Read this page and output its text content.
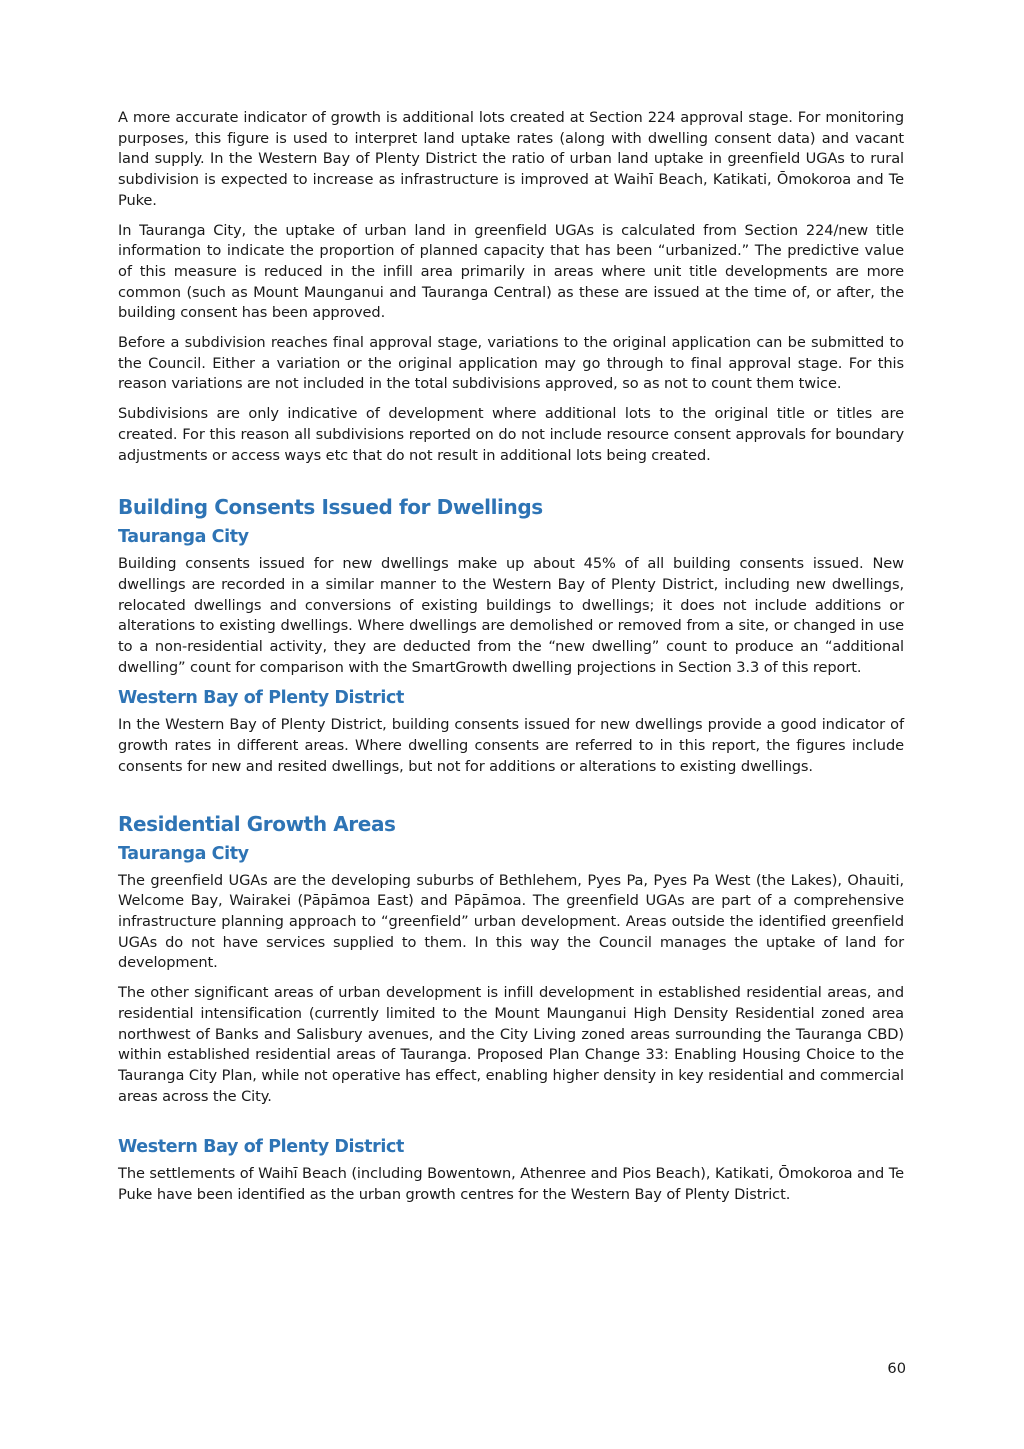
A more accurate indicator of growth is additional lots created at Section 224 approval stage. For monitoring purposes, this figure is used to interpret land uptake rates (along with dwelling consent data) and vacant land supply. In the Western Bay of Plenty District the ratio of urban land uptake in greenfield UGAs to rural subdivision is expected to increase as infrastructure is improved at Waihī Beach, Katikati, Ōmokoroa and Te Puke.

In Tauranga City, the uptake of urban land in greenfield UGAs is calculated from Section 224/new title information to indicate the proportion of planned capacity that has been “urbanized.” The predictive value of this measure is reduced in the infill area primarily in areas where unit title developments are more common (such as Mount Maunganui and Tauranga Central) as these are issued at the time of, or after, the building consent has been approved.

Before a subdivision reaches final approval stage, variations to the original application can be submitted to the Council. Either a variation or the original application may go through to final approval stage. For this reason variations are not included in the total subdivisions approved, so as not to count them twice.

Subdivisions are only indicative of development where additional lots to the original title or titles are created. For this reason all subdivisions reported on do not include resource consent approvals for boundary adjustments or access ways etc that do not result in additional lots being created.

Building Consents Issued for Dwellings
Tauranga City

Building consents issued for new dwellings make up about 45% of all building consents issued. New dwellings are recorded in a similar manner to the Western Bay of Plenty District, including new dwellings, relocated dwellings and conversions of existing buildings to dwellings; it does not include additions or alterations to existing dwellings. Where dwellings are demolished or removed from a site, or changed in use to a non-residential activity, they are deducted from the “new dwelling” count to produce an “additional dwelling” count for comparison with the SmartGrowth dwelling projections in Section 3.3 of this report.

Western Bay of Plenty District

In the Western Bay of Plenty District, building consents issued for new dwellings provide a good indicator of growth rates in different areas. Where dwelling consents are referred to in this report, the figures include consents for new and resited dwellings, but not for additions or alterations to existing dwellings.

Residential Growth Areas
Tauranga City

The greenfield UGAs are the developing suburbs of Bethlehem, Pyes Pa, Pyes Pa West (the Lakes), Ohauiti, Welcome Bay, Wairakei (Pāpāmoa East) and Pāpāmoa. The greenfield UGAs are part of a comprehensive infrastructure planning approach to “greenfield” urban development. Areas outside the identified greenfield UGAs do not have services supplied to them. In this way the Council manages the uptake of land for development.

The other significant areas of urban development is infill development in established residential areas, and residential intensification (currently limited to the Mount Maunganui High Density Residential zoned area northwest of Banks and Salisbury avenues, and the City Living zoned areas surrounding the Tauranga CBD) within established residential areas of Tauranga. Proposed Plan Change 33: Enabling Housing Choice to the Tauranga City Plan, while not operative has effect, enabling higher density in key residential and commercial areas across the City.

Western Bay of Plenty District

The settlements of Waihī Beach (including Bowentown, Athenree and Pios Beach), Katikati, Ōmokoroa and Te Puke have been identified as the urban growth centres for the Western Bay of Plenty District.

60
